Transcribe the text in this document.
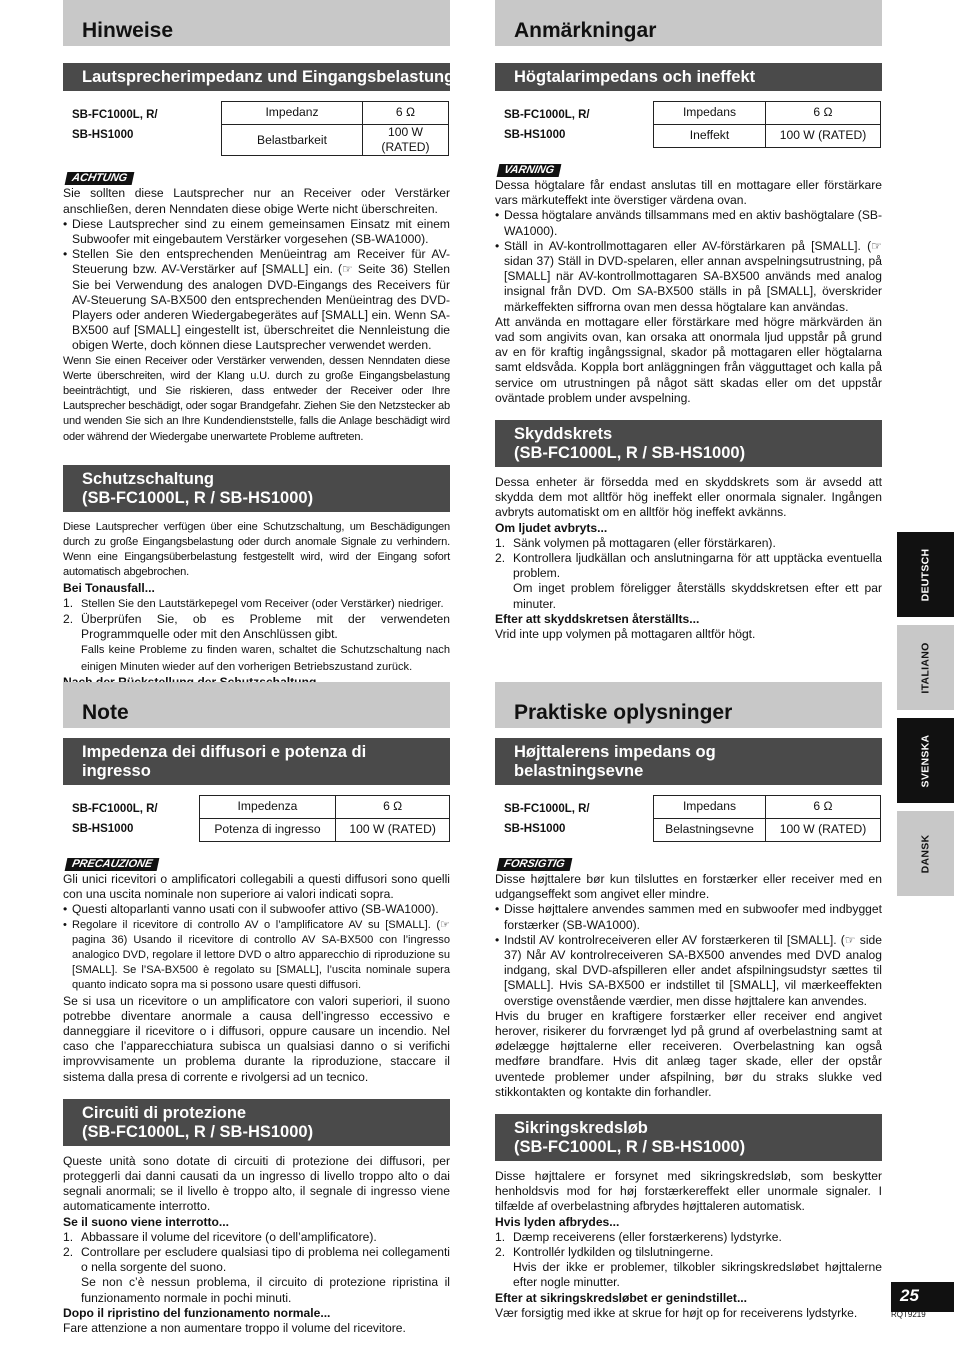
Hinweise
Lautsprecherimpedanz und Eingangsbelastung
SB-FC1000L, R/
SB-HS1000
Impedanz	6 Ω
Belastbarkeit	100 W (RATED)
ACHTUNG

Sie sollten diese Lautsprecher nur an Receiver oder Verstärker anschließen, deren Nenndaten diese obige Werte nicht überschreiten.

• Diese Lautsprecher sind zu einem gemeinsamen Einsatz mit einem Subwoofer mit eingebautem Verstärker vorgesehen (SB-WA1000).
• Stellen Sie den entsprechenden Menüeintrag am Receiver für AV-Steuerung bzw. AV-Verstärker auf [SMALL] ein. (☞ Seite 36) Stellen Sie bei Verwendung des analogen DVD-Eingangs des Receivers für AV-Steuerung SA-BX500 den entsprechenden Menüeintrag des DVD-Players oder anderen Wiedergabegerätes auf [SMALL] ein. Wenn SA-BX500 auf [SMALL] eingestellt ist, überschreitet die Nennleistung die obigen Werte, doch können diese Lautsprecher verwendet werden.

Wenn Sie einen Receiver oder Verstärker verwenden, dessen Nenndaten diese Werte überschreiten, wird der Klang u.U. durch zu große Eingangsbelastung beeinträchtigt, und Sie riskieren, dass entweder der Receiver oder Ihre Lautsprecher beschädigt, oder sogar Brandgefahr. Ziehen Sie den Netzstecker ab und wenden Sie sich an Ihre Kundendienststelle, falls die Anlage beschädigt wird oder während der Wiedergabe unerwartete Probleme auftreten.

Schutzschaltung
(SB-FC1000L, R / SB-HS1000)

Diese Lautsprecher verfügen über eine Schutzschaltung, um Beschädigungen durch zu große Eingangsbelastung oder durch anomale Signale zu verhindern. Wenn eine Eingangsüberbelastung festgestellt wird, wird der Eingang sofort automatisch abgebrochen.

Bei Tonausfall...

1. Stellen Sie den Lautstärkepegel vom Receiver (oder Verstärker) niedriger.
2. Überprüfen Sie, ob es Probleme mit der verwendeten Programmquelle oder mit den Anschlüssen gibt.
Falls keine Probleme zu finden waren, schaltet die Schutzschaltung nach einigen Minuten wieder auf den vorherigen Betriebszustand zurück.

Anmärkningar
Högtalarimpedans och ineffekt
SB-FC1000L, R/
SB-HS1000
Impedans	6 Ω
Ineffekt	100 W (RATED)
VARNING

Dessa högtalare får endast anslutas till en mottagare eller förstärkare vars märkuteffekt inte överstiger värdena ovan.

• Dessa högtalare används tillsammans med en aktiv bashögtalare (SB-WA1000).
• Ställ in AV-kontrollmottagaren eller AV-förstärkaren på [SMALL]. (☞ sidan 37) Ställ in DVD-spelaren, eller annan avspelningsutrustning, på [SMALL] när AV-kontrollmottagaren SA-BX500 används med analog insignal från DVD. Om SA-BX500 ställs in på [SMALL], överskrider märkeffekten siffrorna ovan men dessa högtalare kan användas.

Att använda en mottagare eller förstärkare med högre märkvärden än vad som angivits ovan, kan orsaka att onormala ljud uppstår på grund av en för kraftig ingångssignal, skador på mottagaren eller högtalarna samt eldsvåda. Koppla bort anläggningen från vägguttaget och kalla på service om utrustningen på något sätt skadas eller om det uppstår oväntade problem under avspelning.

Skyddskrets
(SB-FC1000L, R / SB-HS1000)

Dessa enheter är försedda med en skyddskrets som är avsedd att skydda dem mot alltför hög ineffekt eller onormala signaler. Ingången avbryts automatiskt om en alltför hög ineffekt avkänns.

Om ljudet avbryts...

1. Sänk volymen på mottagaren (eller förstärkaren).
2. Kontrollera ljudkällan och anslutningarna för att upptäcka eventuella problem.
Om inget problem föreligger återställs skyddskretsen efter ett par minuter.

Efter att skyddskretsen återställts...

Vrid inte upp volymen på mottagaren alltför högt.

Note
Impedenza dei diffusori e potenza di
ingresso
SB-FC1000L, R/
SB-HS1000
Impedenza	6 Ω
Potenza di ingresso	100 W (RATED)
PRECAUZIONE

Gli unici ricevitori o amplificatori collegabili a questi diffusori sono quelli con una uscita nominale non superiore ai valori indicati sopra.

• Questi altoparlanti vanno usati con il subwoofer attivo (SB-WA1000).
• Regolare il ricevitore di controllo AV o l’amplificatore AV su [SMALL]. (☞ pagina 36) Usando il ricevitore di controllo AV SA-BX500 con l’ingresso analogico DVD, regolare il lettore DVD o altro apparecchio di riproduzione su [SMALL]. Se l’SA-BX500 è regolato su [SMALL], l’uscita nominale supera quanto indicato sopra ma si possono usare questi diffusori.

Se si usa un ricevitore o un amplificatore con valori superiori, il suono potrebbe diventare anormale a causa dell’ingresso eccessivo e danneggiare il ricevitore o i diffusori, oppure causare un incendio. Nel caso che l’apparecchiatura subisca un qualsiasi danno o si verifichi improvvisamente un problema durante la riproduzione, staccare il sistema dalla presa di corrente e rivolgersi ad un tecnico.

Circuiti di protezione
(SB-FC1000L, R / SB-HS1000)

Queste unità sono dotate di circuiti di protezione dei diffusori, per proteggerli dai danni causati da un ingresso di livello troppo alto o dai segnali anormali; se il livello è troppo alto, il segnale di ingresso viene automaticamente interrotto.

Se il suono viene interrotto...

1. Abbassare il volume del ricevitore (o dell’amplificatore).
2. Controllare per escludere qualsiasi tipo di problema nei collegamenti o nella sorgente del suono.
Se non c’è nessun problema, il circuito di protezione ripristina il funzionamento normale in pochi minuti.

Dopo il ripristino del funzionamento normale...

Fare attenzione a non aumentare troppo il volume del ricevitore.

Praktiske oplysninger
Højttalerens impedans og
belastningsevne
SB-FC1000L, R/
SB-HS1000
Impedans	6 Ω
Belastningsevne	100 W (RATED)
FORSIGTIG

Disse højttalere bør kun tilsluttes en forstærker eller receiver med en udgangseffekt som angivet eller mindre.

• Disse højttalere anvendes sammen med en subwoofer med indbygget forstærker (SB-WA1000).
• Indstil AV kontrolreceiveren eller AV forstærkeren til [SMALL]. (☞ side 37) Når AV kontrolreceiveren SA-BX500 anvendes med DVD analog indgang, skal DVD-afspilleren eller andet afspilningsudstyr sættes til [SMALL]. Hvis SA-BX500 er indstillet til [SMALL], vil mærkeeffekten overstige ovenstående værdier, men disse højttalere kan anvendes.

Hvis du bruger en kraftigere forstærker eller receiver end angivet herover, risikerer du forvrænget lyd på grund af overbelastning samt at ødelægge højttalerne eller receiveren. Overbelastning kan også medføre brandfare. Hvis dit anlæg tager skade, eller der opstår uventede problemer under afspilning, bør du straks slukke ved stikkontakten og kontakte din forhandler.

Sikringskredsløb
(SB-FC1000L, R / SB-HS1000)

Disse højttalere er forsynet med sikringskredsløb, som beskytter henholdsvis mod for høj forstærkereffekt eller unormale signaler. I tilfælde af overbelastning afbrydes højttaleren automatisk.

Hvis lyden afbrydes...

1. Dæmp receiverens (eller forstærkerens) lydstyrke.
2. Kontrollér lydkilden og tilslutningerne.
Hvis der ikke er problemer, tilkobler sikringskredsløbet højttalerne efter nogle minutter.

Efter at sikringskredsløbet er genindstillet...

Vær forsigtig med ikke at skrue for højt op for receiverens lydstyrke.

DEUTSCH
ITALIANO
SVENSKA
DANSK
25
RQT9219
